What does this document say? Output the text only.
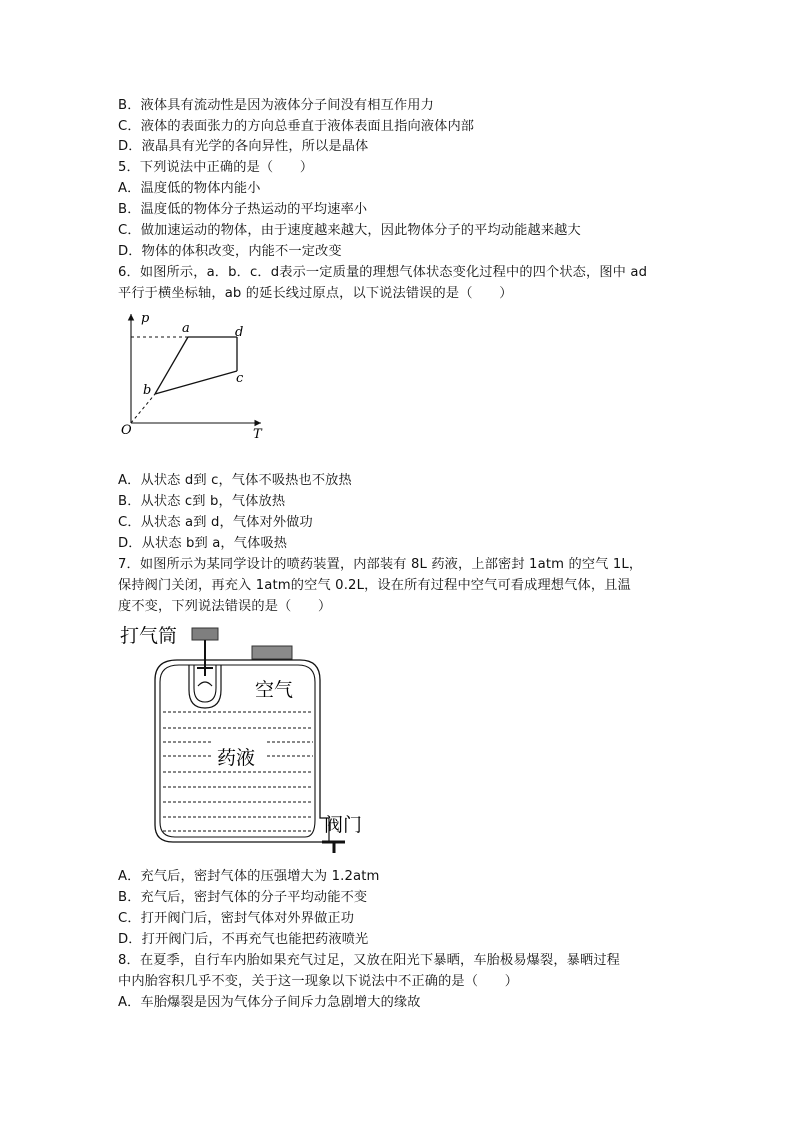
B．液体具有流动性是因为液体分子间没有相互作用力
C．液体的表面张力的方向总垂直于液体表面且指向液体内部
D．液晶具有光学的各向异性，所以是晶体
5．下列说法中正确的是（　　）
A．温度低的物体内能小
B．温度低的物体分子热运动的平均速率小
C．做加速运动的物体，由于速度越来越大，因此物体分子的平均动能越来越大
D．物体的体积改变，内能不一定改变
6．如图所示，a．b．c．d表示一定质量的理想气体状态变化过程中的四个状态，图中 ad
平行于横坐标轴，ab 的延长线过原点，以下说法错误的是（　　）
p
T
O
a
b
c
d
A．从状态 d到 c，气体不吸热也不放热
B．从状态 c到 b，气体放热
C．从状态 a到 d，气体对外做功
D．从状态 b到 a，气体吸热
7．如图所示为某同学设计的喷药装置，内部装有 8L 药液，上部密封 1atm 的空气 1L，
保持阀门关闭，再充入 1atm的空气 0.2L，设在所有过程中空气可看成理想气体，且温
度不变，下列说法错误的是（　　）
打气筒
空气
药液
阀门
A．充气后，密封气体的压强增大为 1.2atm
B．充气后，密封气体的分子平均动能不变
C．打开阀门后，密封气体对外界做正功
D．打开阀门后，不再充气也能把药液喷光
8．在夏季，自行车内胎如果充气过足，又放在阳光下暴晒，车胎极易爆裂，暴晒过程
中内胎容积几乎不变，关于这一现象以下说法中不正确的是（　　）
A．车胎爆裂是因为气体分子间斥力急剧增大的缘故
